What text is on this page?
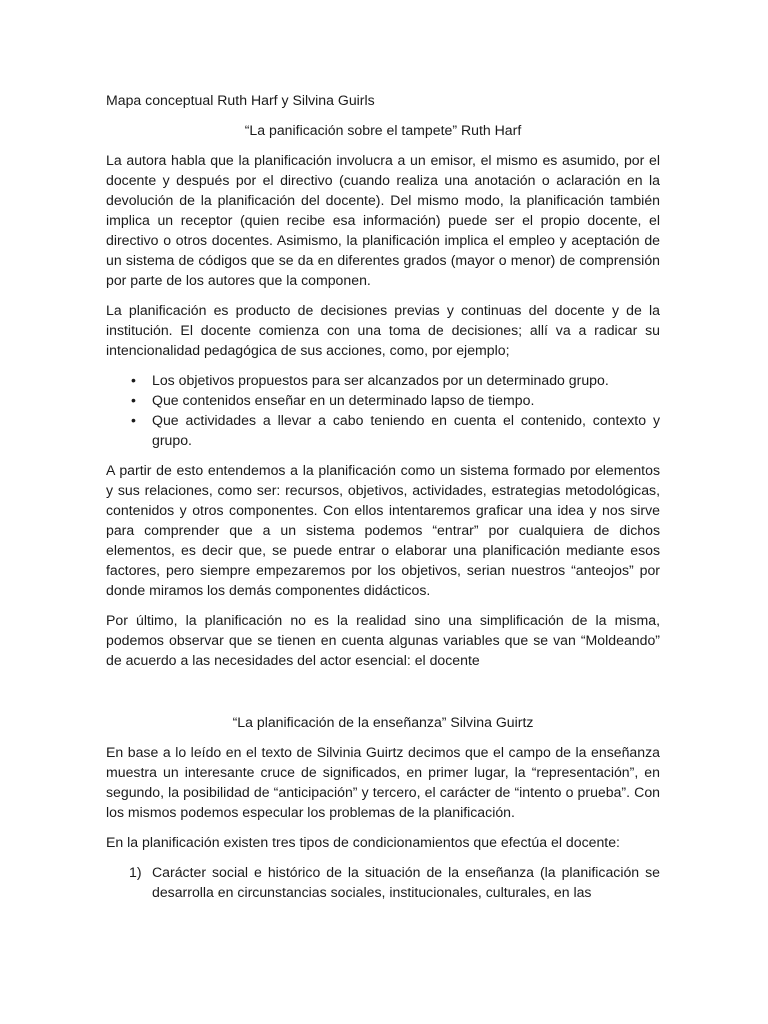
Mapa conceptual Ruth Harf y Silvina Guirls
“La panificación sobre el tampete” Ruth Harf

La autora habla que la planificación involucra a un emisor, el mismo es asumido, por el docente y después por el directivo (cuando realiza una anotación o aclaración en la devolución de la planificación del docente). Del mismo modo, la planificación también implica un receptor (quien recibe esa información) puede ser el propio docente, el directivo o otros docentes. Asimismo, la planificación implica el empleo y aceptación de un sistema de códigos que se da en diferentes grados (mayor o menor) de comprensión por parte de los autores que la componen.

La planificación es producto de decisiones previas y continuas del docente y de la institución. El docente comienza con una toma de decisiones; allí va a radicar su intencionalidad pedagógica de sus acciones, como, por ejemplo;

• Los objetivos propuestos para ser alcanzados por un determinado grupo.
• Que contenidos enseñar en un determinado lapso de tiempo.
• Que actividades a llevar a cabo teniendo en cuenta el contenido, contexto y grupo.

A partir de esto entendemos a la planificación como un sistema formado por elementos y sus relaciones, como ser: recursos, objetivos, actividades, estrategias metodológicas, contenidos y otros componentes. Con ellos intentaremos graficar una idea y nos sirve para comprender que a un sistema podemos “entrar” por cualquiera de dichos elementos, es decir que, se puede entrar o elaborar una planificación mediante esos factores, pero siempre empezaremos por los objetivos, serian nuestros “anteojos” por donde miramos los demás componentes didácticos.

Por último, la planificación no es la realidad sino una simplificación de la misma, podemos observar que se tienen en cuenta algunas variables que se van “Moldeando” de acuerdo a las necesidades del actor esencial: el docente

“La planificación de la enseñanza” Silvina Guirtz

En base a lo leído en el texto de Silvinia Guirtz decimos que el campo de la enseñanza muestra un interesante cruce de significados, en primer lugar, la “representación”, en segundo, la posibilidad de “anticipación” y tercero, el carácter de “intento o prueba”. Con los mismos podemos especular los problemas de la planificación.

En la planificación existen tres tipos de condicionamientos que efectúa el docente:

1) Carácter social e histórico de la situación de la enseñanza (la planificación se desarrolla en circunstancias sociales, institucionales, culturales, en las
